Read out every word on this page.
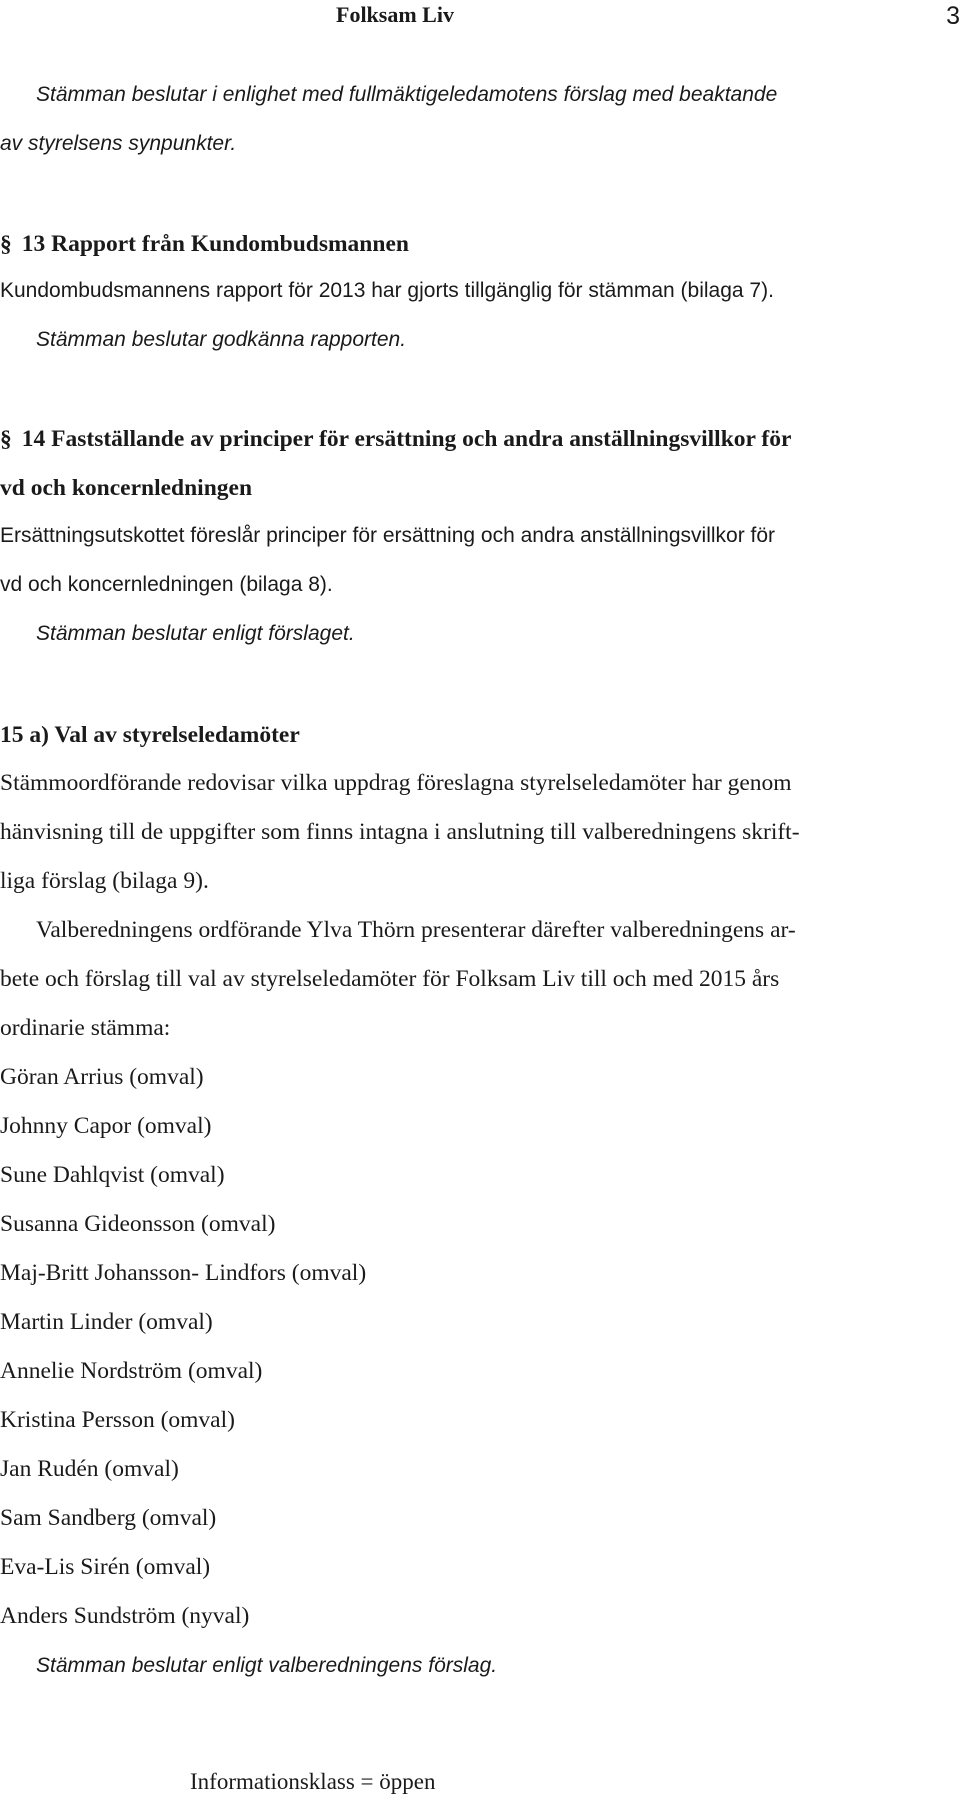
Folksam Liv	3
Stämman beslutar i enlighet med fullmäktigeledamotens förslag med beaktande
av styrelsens synpunkter.
§ 13 Rapport från Kundombudsmannen
Kundombudsmannens rapport för 2013 har gjorts tillgänglig för stämman (bilaga 7).
Stämman beslutar godkänna rapporten.
§ 14 Fastställande av principer för ersättning och andra anställningsvillkor för
vd och koncernledningen
Ersättningsutskottet föreslår principer för ersättning och andra anställningsvillkor för
vd och koncernledningen (bilaga 8).
Stämman beslutar enligt förslaget.
15 a) Val av styrelseledamöter
Stämmoordförande redovisar vilka uppdrag föreslagna styrelseledamöter har genom
hänvisning till de uppgifter som finns intagna i anslutning till valberedningens skrift-
liga förslag (bilaga 9).
Valberedningens ordförande Ylva Thörn presenterar därefter valberedningens ar-
bete och förslag till val av styrelseledamöter för Folksam Liv till och med 2015 års
ordinarie stämma:
Göran Arrius (omval)
Johnny Capor (omval)
Sune Dahlqvist (omval)
Susanna Gideonsson (omval)
Maj-Britt Johansson- Lindfors (omval)
Martin Linder (omval)
Annelie Nordström (omval)
Kristina Persson (omval)
Jan Rudén (omval)
Sam Sandberg (omval)
Eva-Lis Sirén (omval)
Anders Sundström (nyval)
Stämman beslutar enligt valberedningens förslag.
Informationsklass = öppen
